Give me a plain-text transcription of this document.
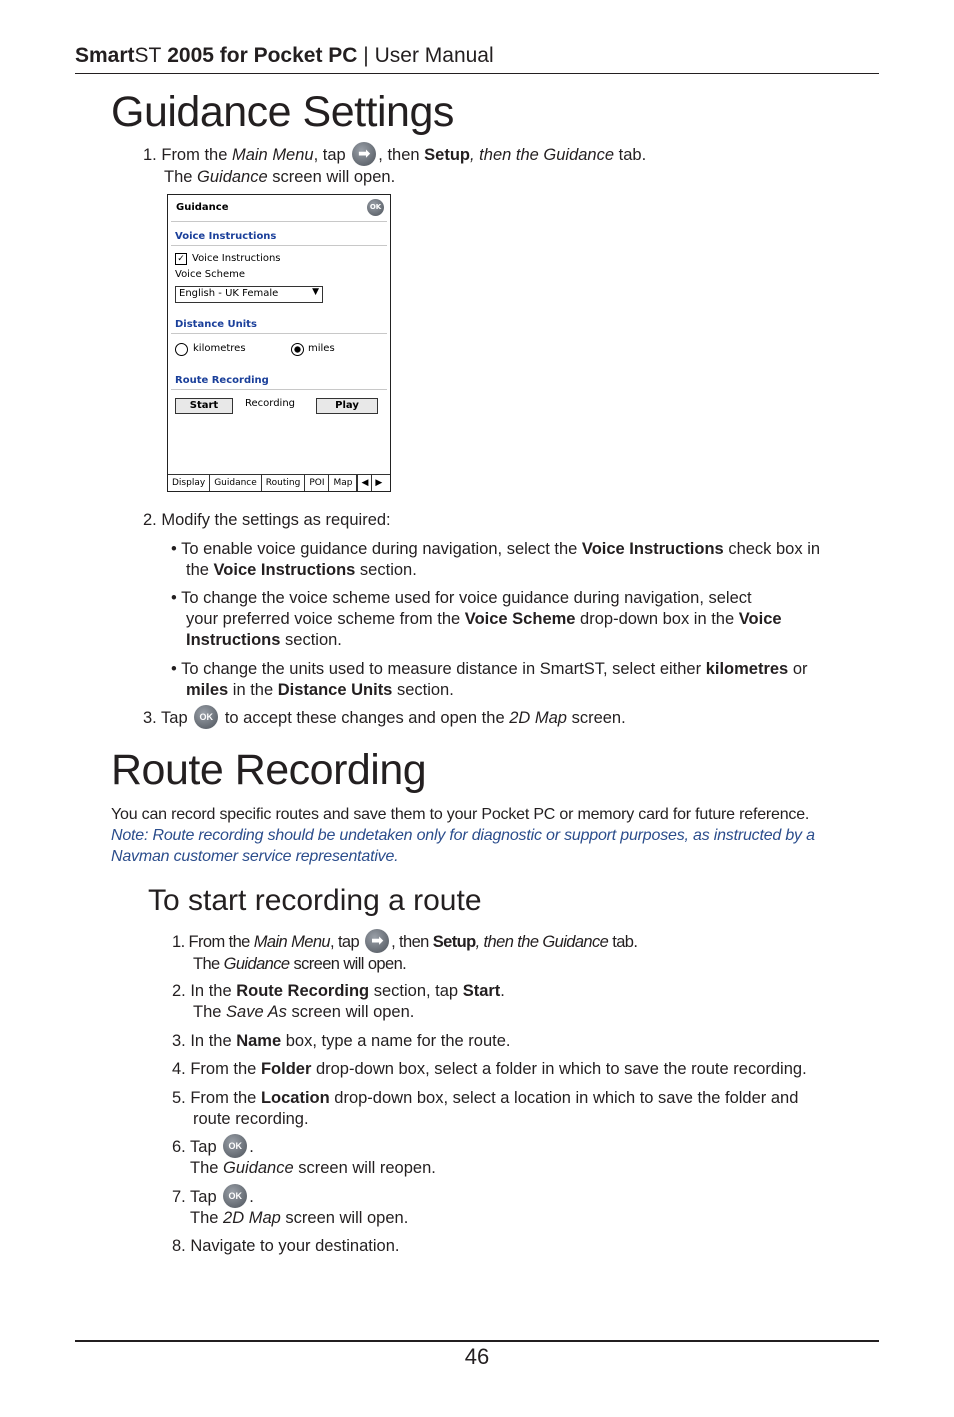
SmartST 2005 for Pocket PC | User Manual
Guidance Settings
1. From the Main Menu, tap ➡ , then Setup, then the Guidance tab.
The Guidance screen will open.
Guidance	OK
Voice Instructions
✓ Voice Instructions
Voice Scheme
English - UK Female	▼
Distance Units
kilometres	miles
Route Recording
Start	Recording	Play
Display	Guidance	Routing	POI	Map	◀ ▶
2. Modify the settings as required:
• To enable voice guidance during navigation, select the Voice Instructions check box in
the Voice Instructions section.
• To change the voice scheme used for voice guidance during navigation, select
your preferred voice scheme from the Voice Scheme drop-down box in the Voice
Instructions section.
• To change the units used to measure distance in SmartST, select either kilometres or
miles in the Distance Units section.
3. Tap OK to accept these changes and open the 2D Map screen.
Route Recording
You can record specific routes and save them to your Pocket PC or memory card for future reference.
Note: Route recording should be undetaken only for diagnostic or support purposes, as instructed by a
Navman customer service representative.
To start recording a route
1. From the Main Menu, tap ➡ , then Setup, then the Guidance tab.
The Guidance screen will open.
2. In the Route Recording section, tap Start.
The Save As screen will open.
3. In the Name box, type a name for the route.
4. From the Folder drop-down box, select a folder in which to save the route recording.
5. From the Location drop-down box, select a location in which to save the folder and
route recording.
6. Tap OK .
The Guidance screen will reopen.
7. Tap OK .
The 2D Map screen will open.
8. Navigate to your destination.
46
